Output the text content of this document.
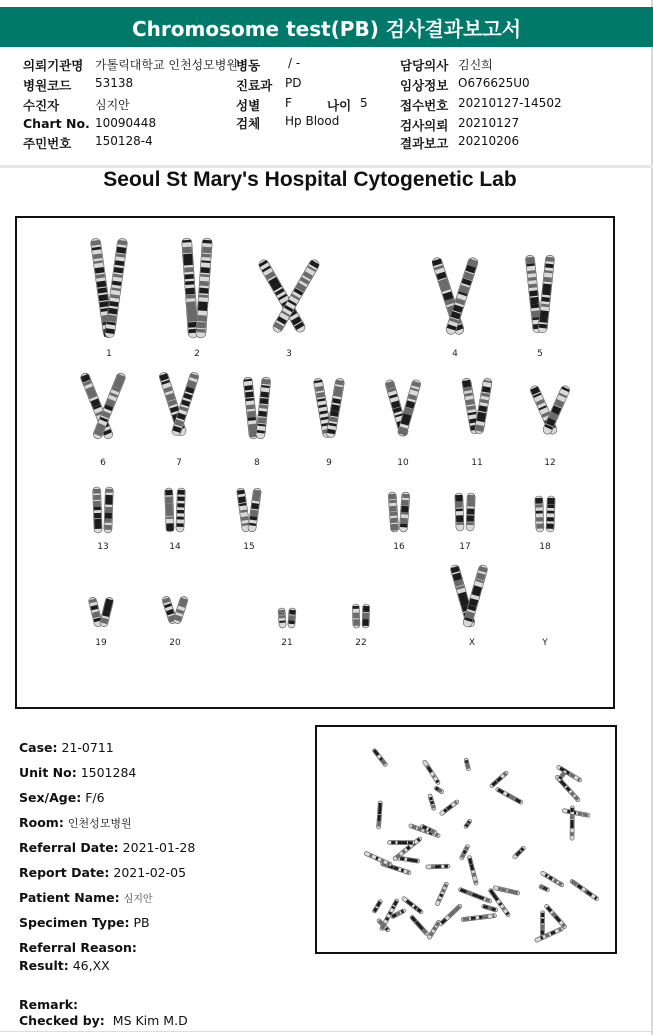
Chromosome test(PB) 검사결과보고서
의뢰기관명 가톨릭대학교 인천성모병원
병동 / -	담당의사 김신희
병원코드 53138	진료과 PD	임상정보 O676625U0
수진자	심지안	성별 F	나이 5	접수번호 20210127-14502
Chart No. 10090448	검체 Hp Blood	검사의뢰 20210127
주민번호 150128-4	결과보고 20210206
Seoul St Mary's Hospital Cytogenetic Lab
1	2	3	4	5
6	7	8	9	10	11	12
13	14	15	16	17	18
19	20	21	22	X	Y
Case: 21-0711
Unit No: 1501284
Sex/Age: F/6
Room: 인천성모병원
Referral Date: 2021-01-28
Report Date: 2021-02-05
Patient Name: 심지안
Specimen Type: PB
Referral Reason:
Result: 46,XX
Remark:
Checked by: MS Kim M.D
